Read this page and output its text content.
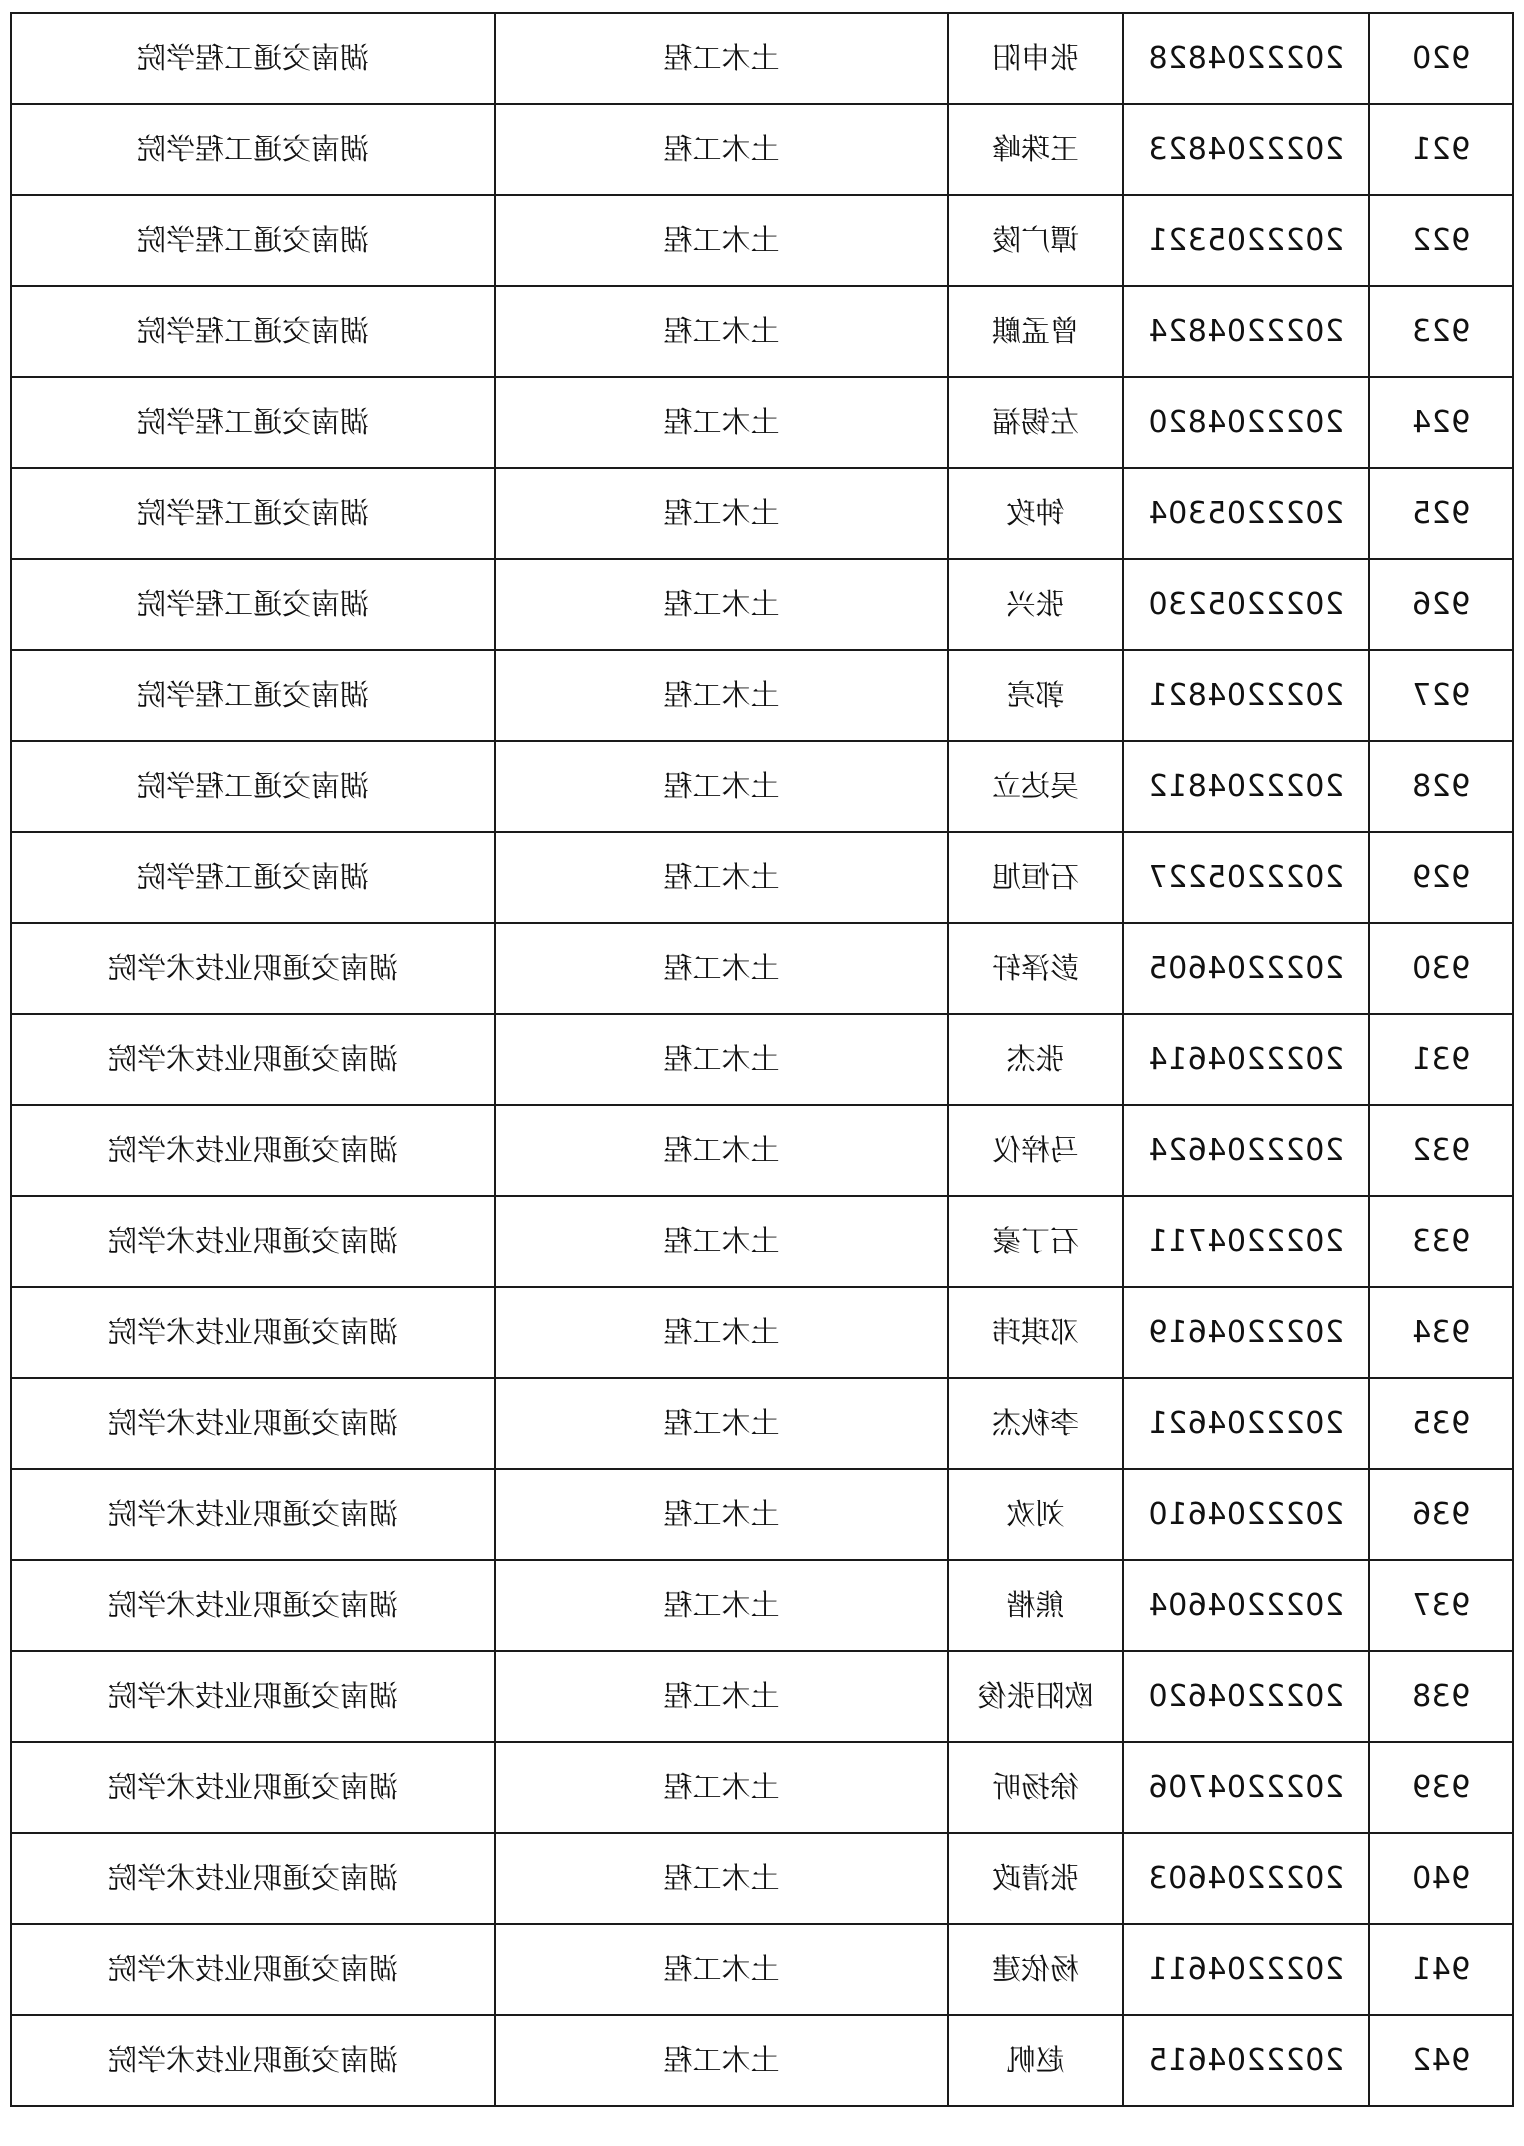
920	2022204828	张申阳	土木工程	湖南交通工程学院
921	2022204823	王珠峰	土木工程	湖南交通工程学院
922	2022205321	谭广陵	土木工程	湖南交通工程学院
923	2022204824	曾孟麒	土木工程	湖南交通工程学院
924	2022204820	左锡福	土木工程	湖南交通工程学院
925	2022205304	钟玫	土木工程	湖南交通工程学院
926	2022205230	张兴	土木工程	湖南交通工程学院
927	2022204821	郭亮	土木工程	湖南交通工程学院
928	2022204812	吴达立	土木工程	湖南交通工程学院
929	2022205227	石恒旭	土木工程	湖南交通工程学院
930	2022204605	彭泽轩	土木工程	湖南交通职业技术学院
931	2022204614	张杰	土木工程	湖南交通职业技术学院
932	2022204624	马梓仪	土木工程	湖南交通职业技术学院
933	2022204711	石丁豪	土木工程	湖南交通职业技术学院
934	2022204619	邓琪玮	土木工程	湖南交通职业技术学院
935	2022204621	李秋杰	土木工程	湖南交通职业技术学院
936	2022204610	刘欢	土木工程	湖南交通职业技术学院
937	2022204604	熊楷	土木工程	湖南交通职业技术学院
938	2022204620	欧阳张俊	土木工程	湖南交通职业技术学院
939	2022204706	徐扬昕	土木工程	湖南交通职业技术学院
940	2022204603	张清政	土木工程	湖南交通职业技术学院
941	2022204611	杨依建	土木工程	湖南交通职业技术学院
942	2022204615	赵帆	土木工程	湖南交通职业技术学院
